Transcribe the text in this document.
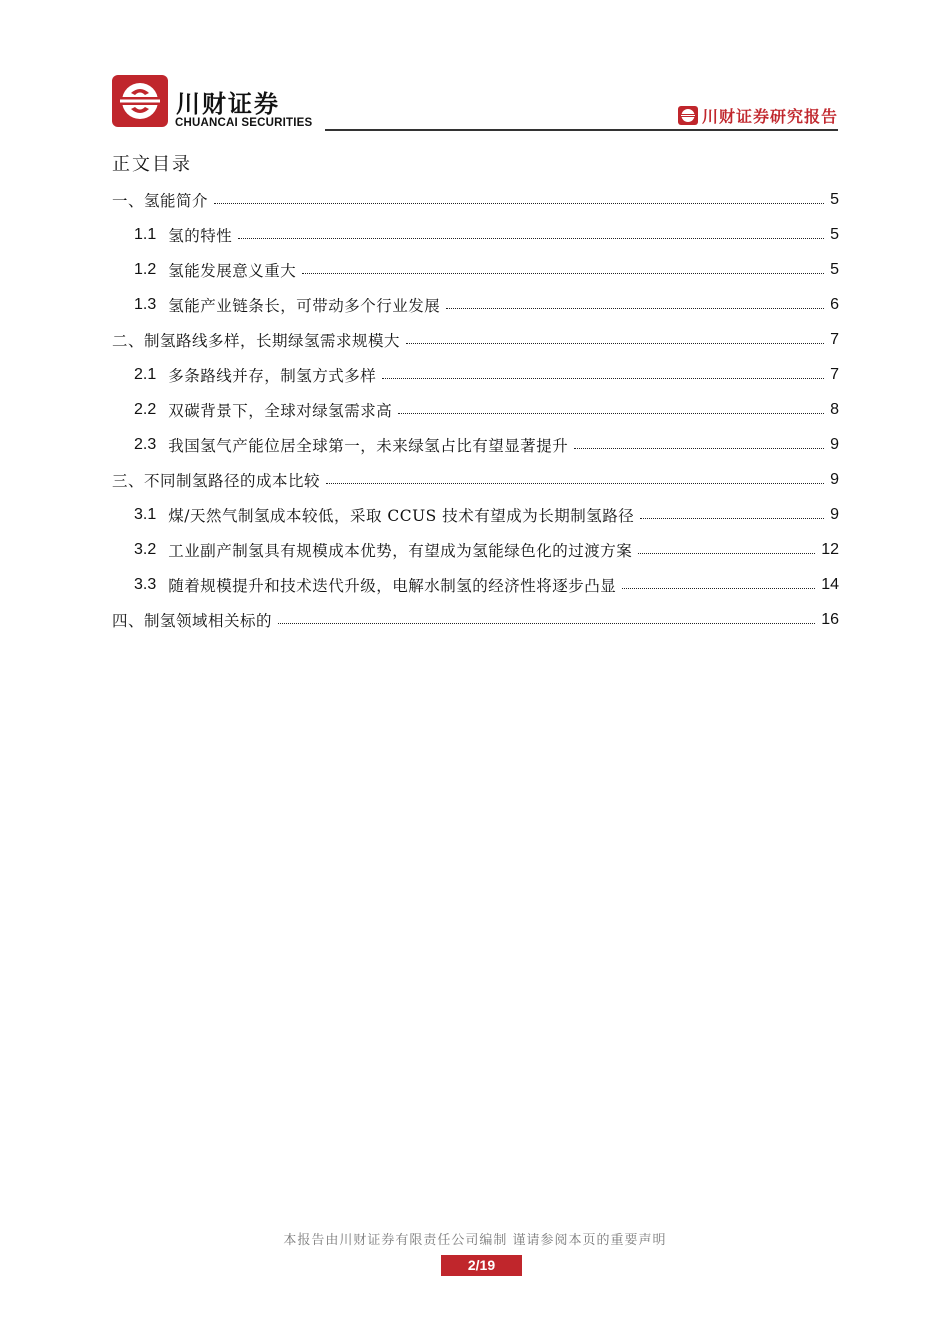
川财证券
CHUANCAI SECURITIES	川财证券研究报告
正文目录
一、氢能简介	5
1.1 氢的特性	5
1.2 氢能发展意义重大	5
1.3 氢能产业链条长，可带动多个行业发展	6
二、制氢路线多样，长期绿氢需求规模大	7
2.1 多条路线并存，制氢方式多样	7
2.2 双碳背景下，全球对绿氢需求高	8
2.3 我国氢气产能位居全球第一，未来绿氢占比有望显著提升	9
三、不同制氢路径的成本比较	9
3.1 煤/天然气制氢成本较低，采取 CCUS 技术有望成为长期制氢路径	9
3.2 工业副产制氢具有规模成本优势，有望成为氢能绿色化的过渡方案	12
3.3 随着规模提升和技术迭代升级，电解水制氢的经济性将逐步凸显	14
四、制氢领域相关标的	16
本报告由川财证券有限责任公司编制 谨请参阅本页的重要声明
2/19
